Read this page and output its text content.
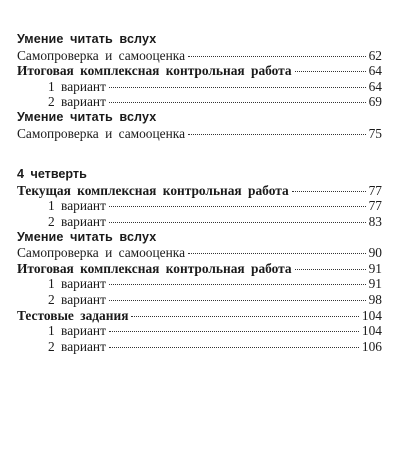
Умение читать вслух
Самопроверка и самооценка	62
Итоговая комплексная контрольная работа	64
1 вариант	64
2 вариант	69
Умение читать вслух
Самопроверка и самооценка	75
4 четверть
Текущая комплексная контрольная работа	77
1 вариант	77
2 вариант	83
Умение читать вслух
Самопроверка и самооценка	90
Итоговая комплексная контрольная работа	91
1 вариант	91
2 вариант	98
Тестовые задания	104
1 вариант	104
2 вариант	106
